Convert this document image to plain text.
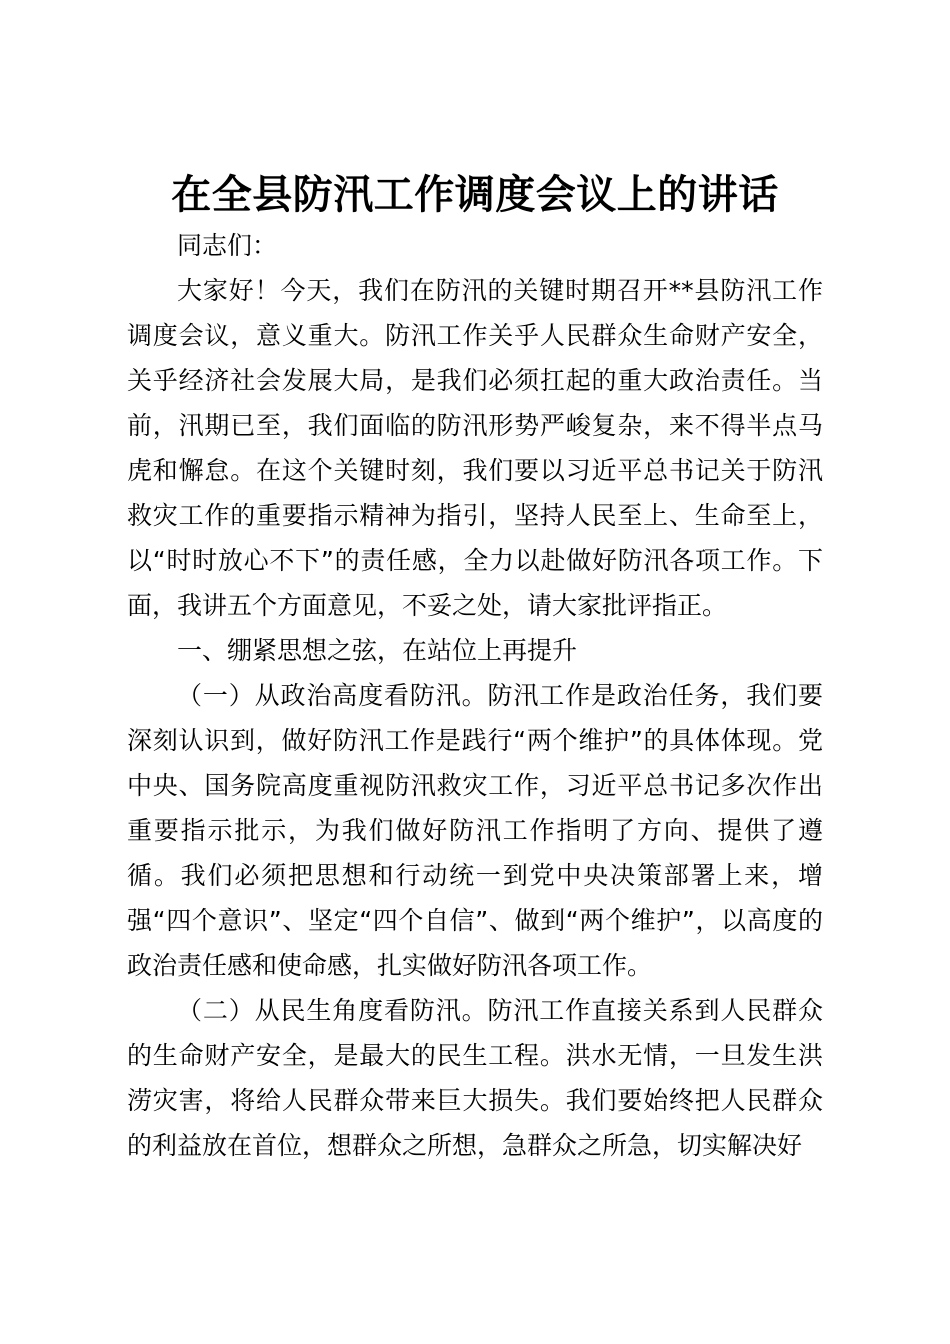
在全县防汛工作调度会议上的讲话

同志们：

大家好！今天，我们在防汛的关键时期召开**县防汛工作调度会议，意义重大。防汛工作关乎人民群众生命财产安全，关乎经济社会发展大局，是我们必须扛起的重大政治责任。当前，汛期已至，我们面临的防汛形势严峻复杂，来不得半点马虎和懈怠。在这个关键时刻，我们要以习近平总书记关于防汛救灾工作的重要指示精神为指引，坚持人民至上、生命至上，以“时时放心不下”的责任感，全力以赴做好防汛各项工作。下面，我讲五个方面意见，不妥之处，请大家批评指正。

一、绷紧思想之弦，在站位上再提升

（一）从政治高度看防汛。防汛工作是政治任务，我们要深刻认识到，做好防汛工作是践行“两个维护”的具体体现。党中央、国务院高度重视防汛救灾工作，习近平总书记多次作出重要指示批示，为我们做好防汛工作指明了方向、提供了遵循。我们必须把思想和行动统一到党中央决策部署上来，增强“四个意识”、坚定“四个自信”、做到“两个维护”，以高度的政治责任感和使命感，扎实做好防汛各项工作。

（二）从民生角度看防汛。防汛工作直接关系到人民群众的生命财产安全，是最大的民生工程。洪水无情，一旦发生洪涝灾害，将给人民群众带来巨大损失。我们要始终把人民群众的利益放在首位，想群众之所想，急群众之所急，切实解决好
